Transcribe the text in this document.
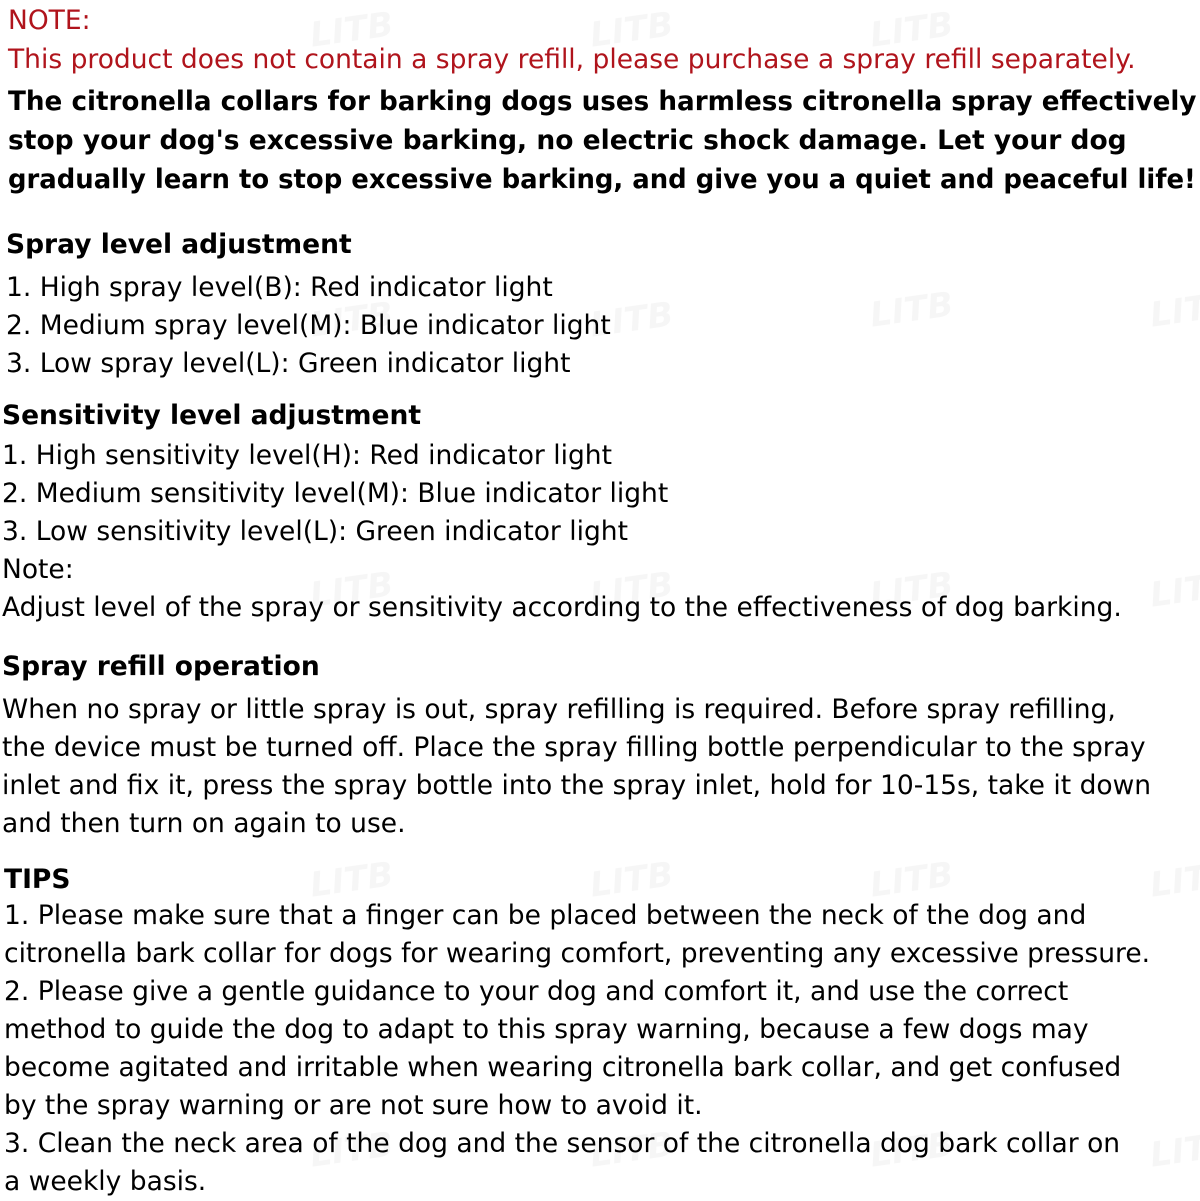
NOTE:
This product does not contain a spray refill, please purchase a spray refill separately.
The citronella collars for barking dogs uses harmless citronella spray effectively
stop your dog's excessive barking, no electric shock damage. Let your dog
gradually learn to stop excessive barking, and give you a quiet and peaceful life!
Spray level adjustment
1. High spray level(B): Red indicator light
2. Medium spray level(M): Blue indicator light
3. Low spray level(L): Green indicator light
Sensitivity level adjustment
1. High sensitivity level(H): Red indicator light
2. Medium sensitivity level(M): Blue indicator light
3. Low sensitivity level(L): Green indicator light
Note:
Adjust level of the spray or sensitivity according to the effectiveness of dog barking.
Spray refill operation
When no spray or little spray is out, spray refilling is required. Before spray refilling,
the device must be turned off. Place the spray filling bottle perpendicular to the spray
inlet and fix it, press the spray bottle into the spray inlet, hold for 10-15s, take it down
and then turn on again to use.
TIPS
1. Please make sure that a finger can be placed between the neck of the dog and
citronella bark collar for dogs for wearing comfort, preventing any excessive pressure.
2. Please give a gentle guidance to your dog and comfort it, and use the correct
method to guide the dog to adapt to this spray warning, because a few dogs may
become agitated and irritable when wearing citronella bark collar, and get confused
by the spray warning or are not sure how to avoid it.
3. Clean the neck area of the dog and the sensor of the citronella dog bark collar on
a weekly basis.
